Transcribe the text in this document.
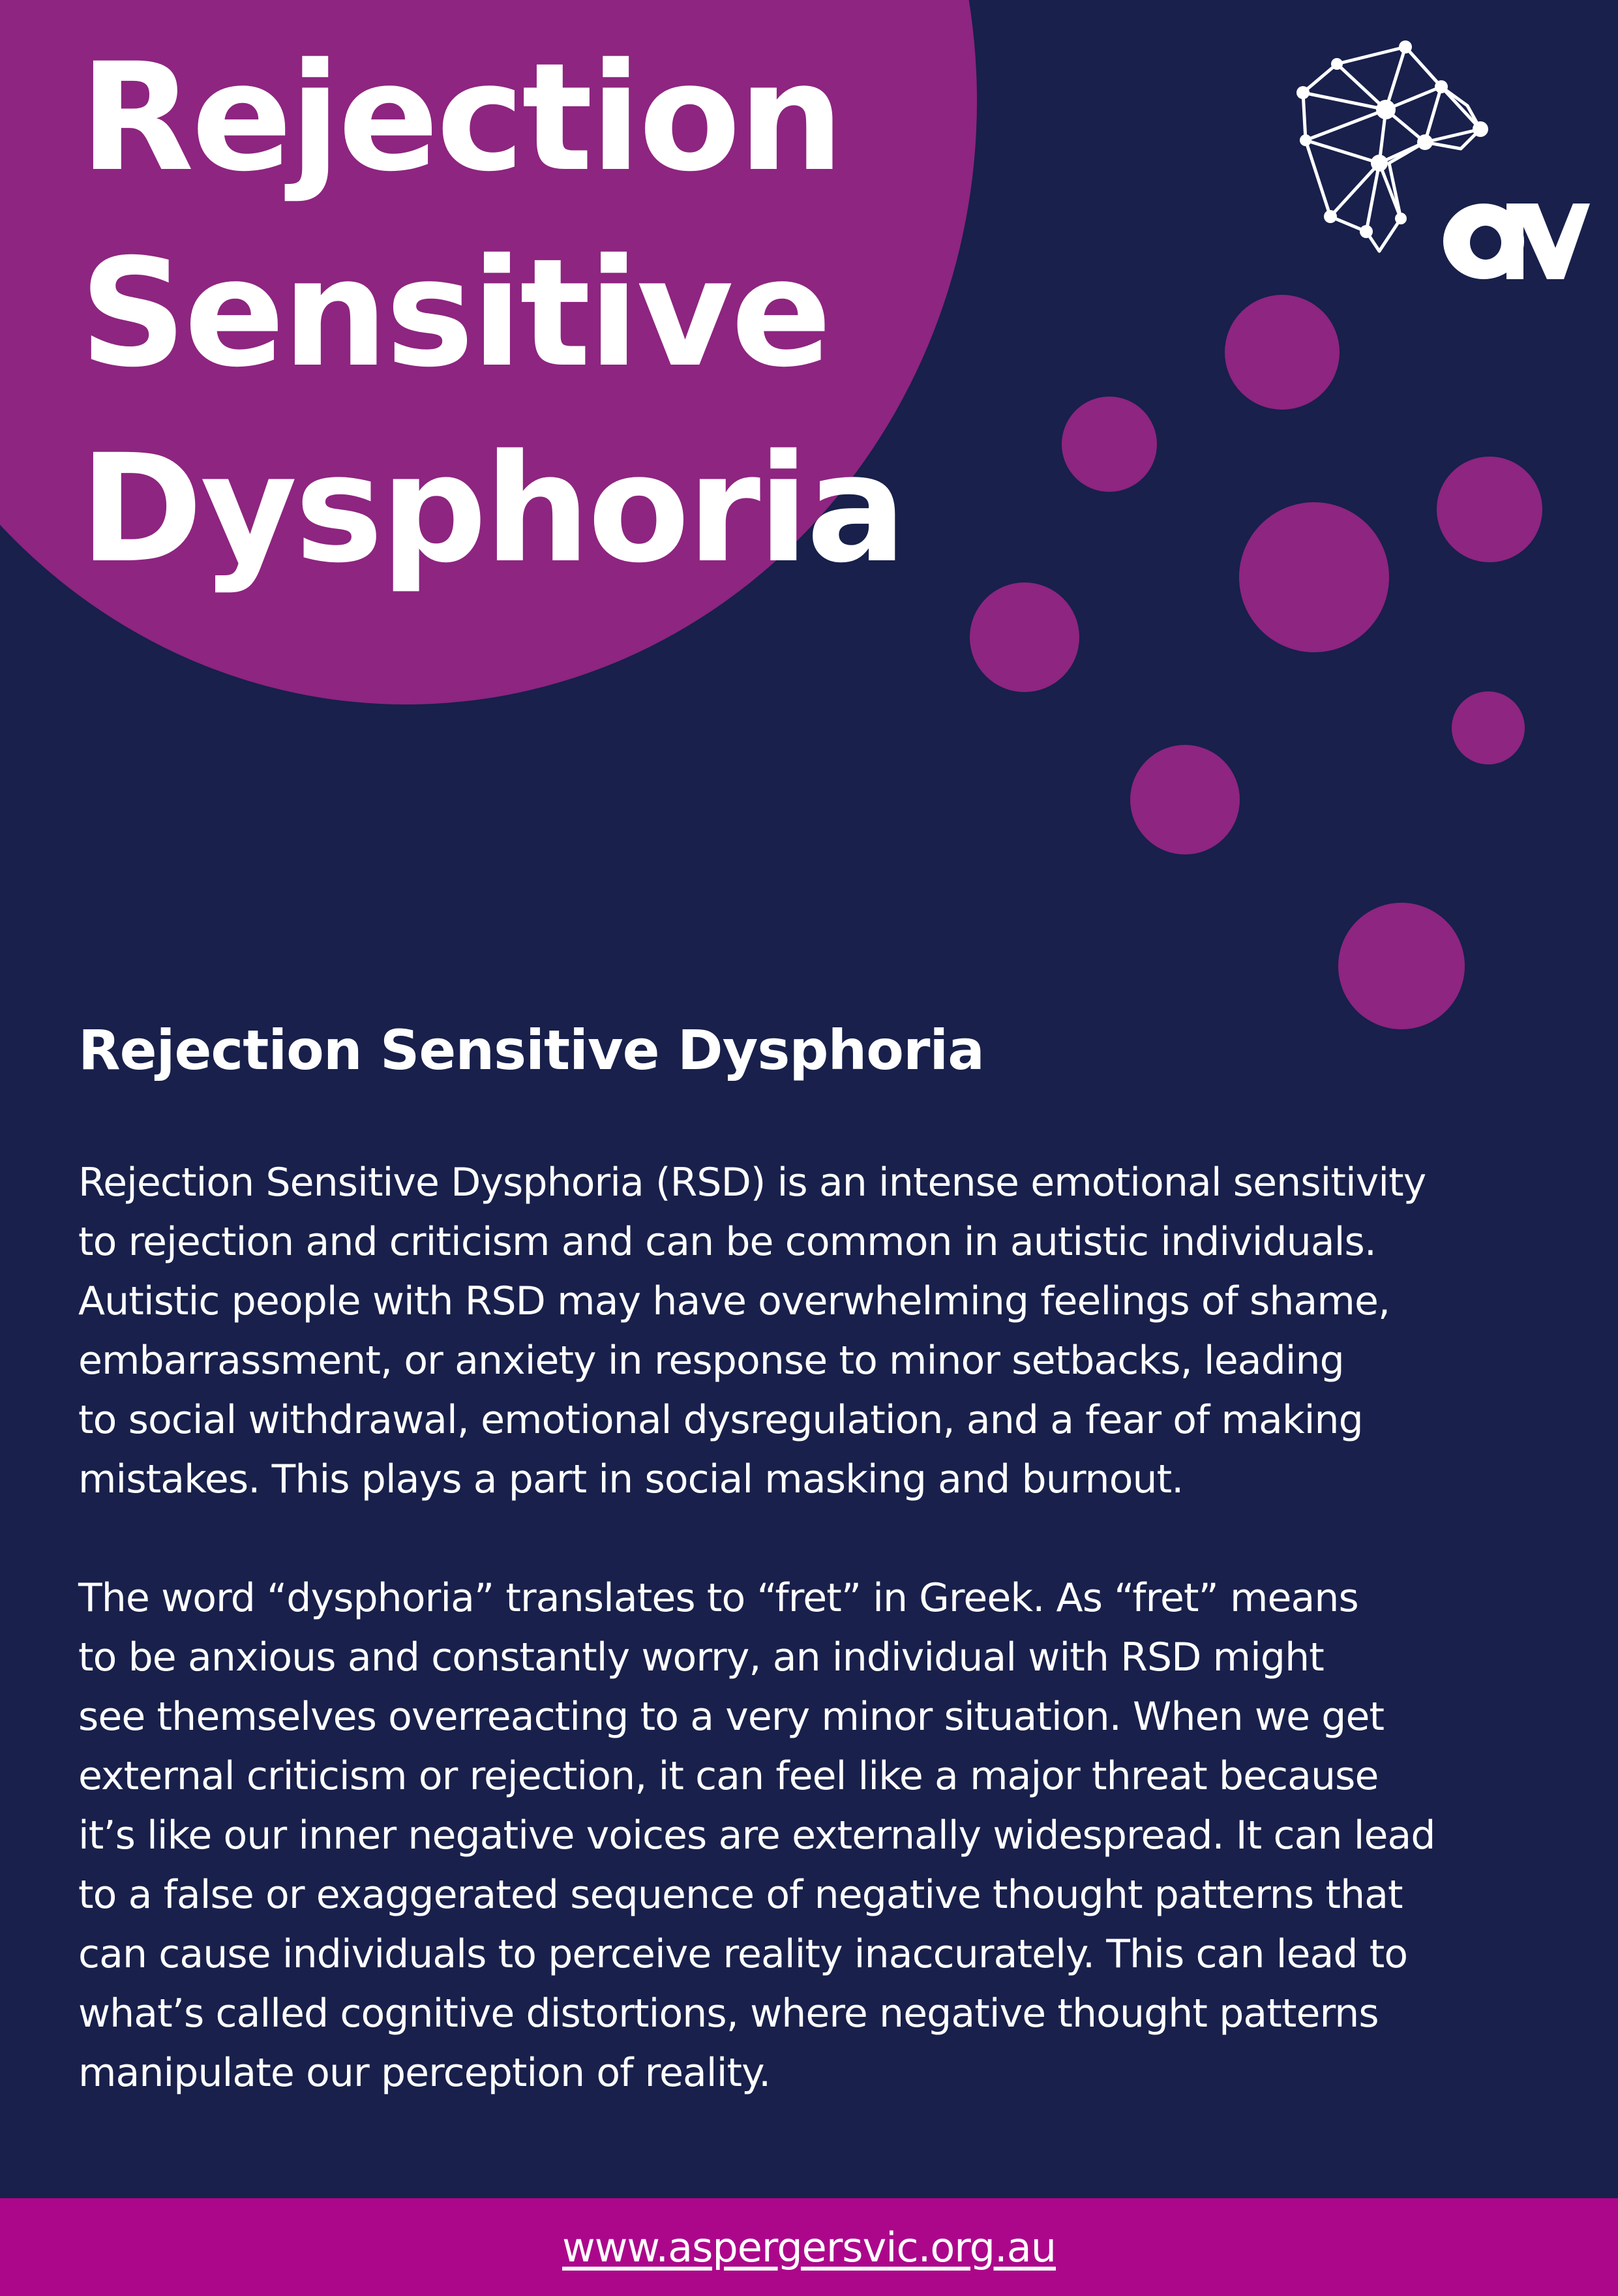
Rejection
Sensitive
Dysphoria
Rejection Sensitive Dysphoria

Rejection Sensitive Dysphoria (RSD) is an intense emotional sensitivity
to rejection and criticism and can be common in autistic individuals.
Autistic people with RSD may have overwhelming feelings of shame,
embarrassment, or anxiety in response to minor setbacks, leading
to social withdrawal, emotional dysregulation, and a fear of making
mistakes. This plays a part in social masking and burnout.

The word “dysphoria” translates to “fret” in Greek. As “fret” means
to be anxious and constantly worry, an individual with RSD might
see themselves overreacting to a very minor situation. When we get
external criticism or rejection, it can feel like a major threat because
it’s like our inner negative voices are externally widespread. It can lead
to a false or exaggerated sequence of negative thought patterns that
can cause individuals to perceive reality inaccurately. This can lead to
what’s called cognitive distortions, where negative thought patterns
manipulate our perception of reality.

www.aspergersvic.org.au
